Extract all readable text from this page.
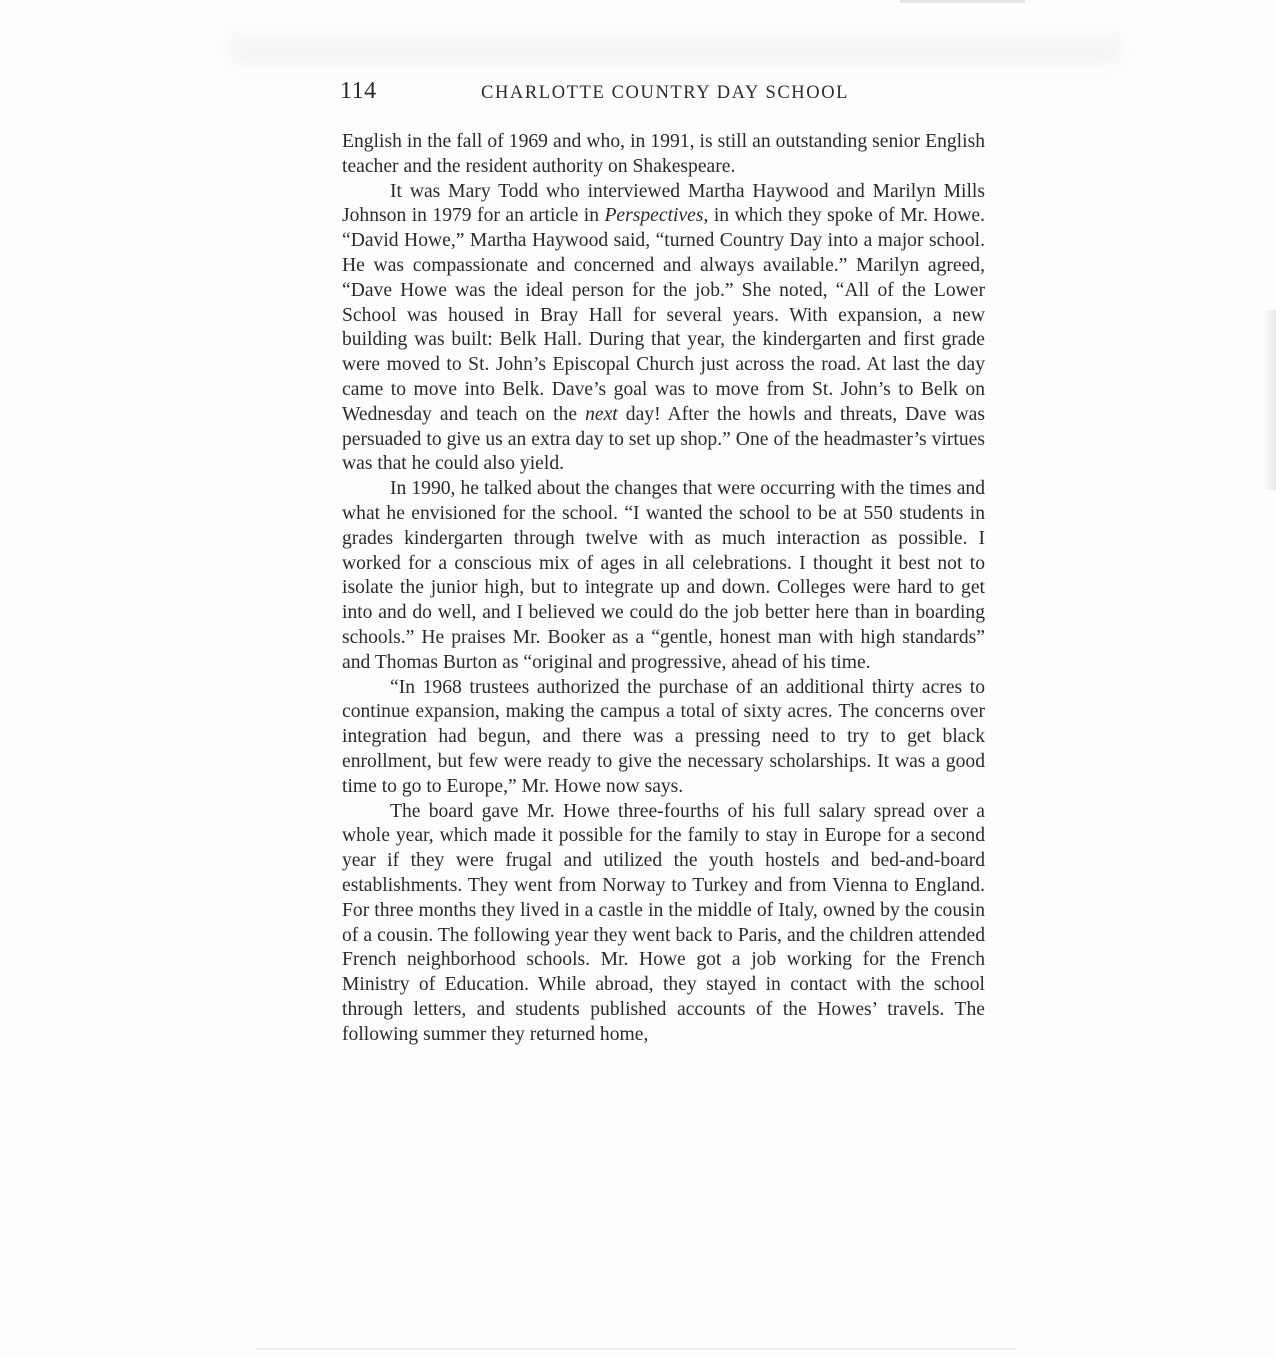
114	CHARLOTTE COUNTRY DAY SCHOOL

English in the fall of 1969 and who, in 1991, is still an outstanding senior English teacher and the resident authority on Shakespeare.

It was Mary Todd who interviewed Martha Haywood and Marilyn Mills Johnson in 1979 for an article in Perspectives, in which they spoke of Mr. Howe. “David Howe,” Martha Haywood said, “turned Country Day into a major school. He was compassionate and concerned and always available.” Marilyn agreed, “Dave Howe was the ideal person for the job.” She noted, “All of the Lower School was housed in Bray Hall for several years. With expansion, a new building was built: Belk Hall. During that year, the kindergarten and first grade were moved to St. John’s Episcopal Church just across the road. At last the day came to move into Belk. Dave’s goal was to move from St. John’s to Belk on Wednesday and teach on the next day! After the howls and threats, Dave was persuaded to give us an extra day to set up shop.” One of the headmaster’s virtues was that he could also yield.

In 1990, he talked about the changes that were occurring with the times and what he envisioned for the school. “I wanted the school to be at 550 students in grades kindergarten through twelve with as much interaction as possible. I worked for a conscious mix of ages in all celebrations. I thought it best not to isolate the junior high, but to integrate up and down. Colleges were hard to get into and do well, and I believed we could do the job better here than in boarding schools.” He praises Mr. Booker as a “gentle, honest man with high standards” and Thomas Burton as “original and progressive, ahead of his time.

“In 1968 trustees authorized the purchase of an additional thirty acres to continue expansion, making the campus a total of sixty acres. The concerns over integration had begun, and there was a pressing need to try to get black enrollment, but few were ready to give the necessary scholarships. It was a good time to go to Europe,” Mr. Howe now says.

The board gave Mr. Howe three-fourths of his full salary spread over a whole year, which made it possible for the family to stay in Europe for a second year if they were frugal and utilized the youth hostels and bed-and-board establishments. They went from Norway to Turkey and from Vienna to England. For three months they lived in a castle in the middle of Italy, owned by the cousin of a cousin. The following year they went back to Paris, and the children attended French neighborhood schools. Mr. Howe got a job working for the French Ministry of Education. While abroad, they stayed in contact with the school through letters, and students published accounts of the Howes’ travels. The following summer they returned home,
